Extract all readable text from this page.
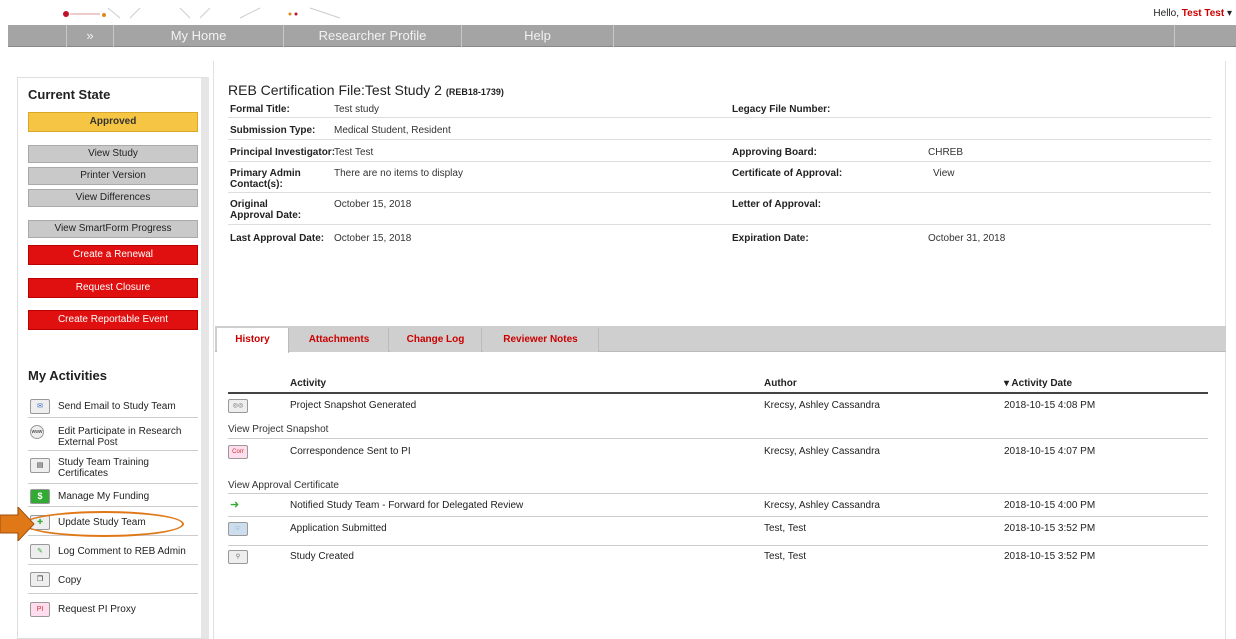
Hello, Test Test ▾
»	My Home	Researcher Profile	Help
Current State
Approved
View Study
Printer Version
View Differences
View SmartForm Progress
Create a Renewal
Request Closure
Create Reportable Event
My Activities
✉	Send Email to Study Team
www Edit Participate in Research External Post
▤	Study Team Training Certificates
$	Manage My Funding
✚	Update Study Team
✎	Log Comment to REB Admin
❐	Copy
PI	Request PI Proxy
REB Certification File:Test Study 2 (REB18-1739)
Formal Title:	Test study	Legacy File Number:
Submission Type: Medical Student, Resident
Principal Investigator:
Test Test	Approving Board:	CHREB
Primary Admin Contact(s):
There are no items to display	Certificate of Approval:	View
Original Approval Date:
October 15, 2018	Letter of Approval:
Last Approval Date: October 15, 2018	Expiration Date:	October 31, 2018
History	Attachments	Change Log	Reviewer Notes
Activity	Author	▾ Activity Date
◎◎	Project Snapshot Generated	Krecsy, Ashley Cassandra	2018-10-15 4:08 PM
View Project Snapshot
Corr	Correspondence Sent to PI	Krecsy, Ashley Cassandra	2018-10-15 4:07 PM
View Approval Certificate
➜	Notified Study Team - Forward for Delegated Review	Krecsy, Ashley Cassandra	2018-10-15 4:00 PM
☞	Application Submitted	Test, Test	2018-10-15 3:52 PM
⚲	Study Created	Test, Test	2018-10-15 3:52 PM
